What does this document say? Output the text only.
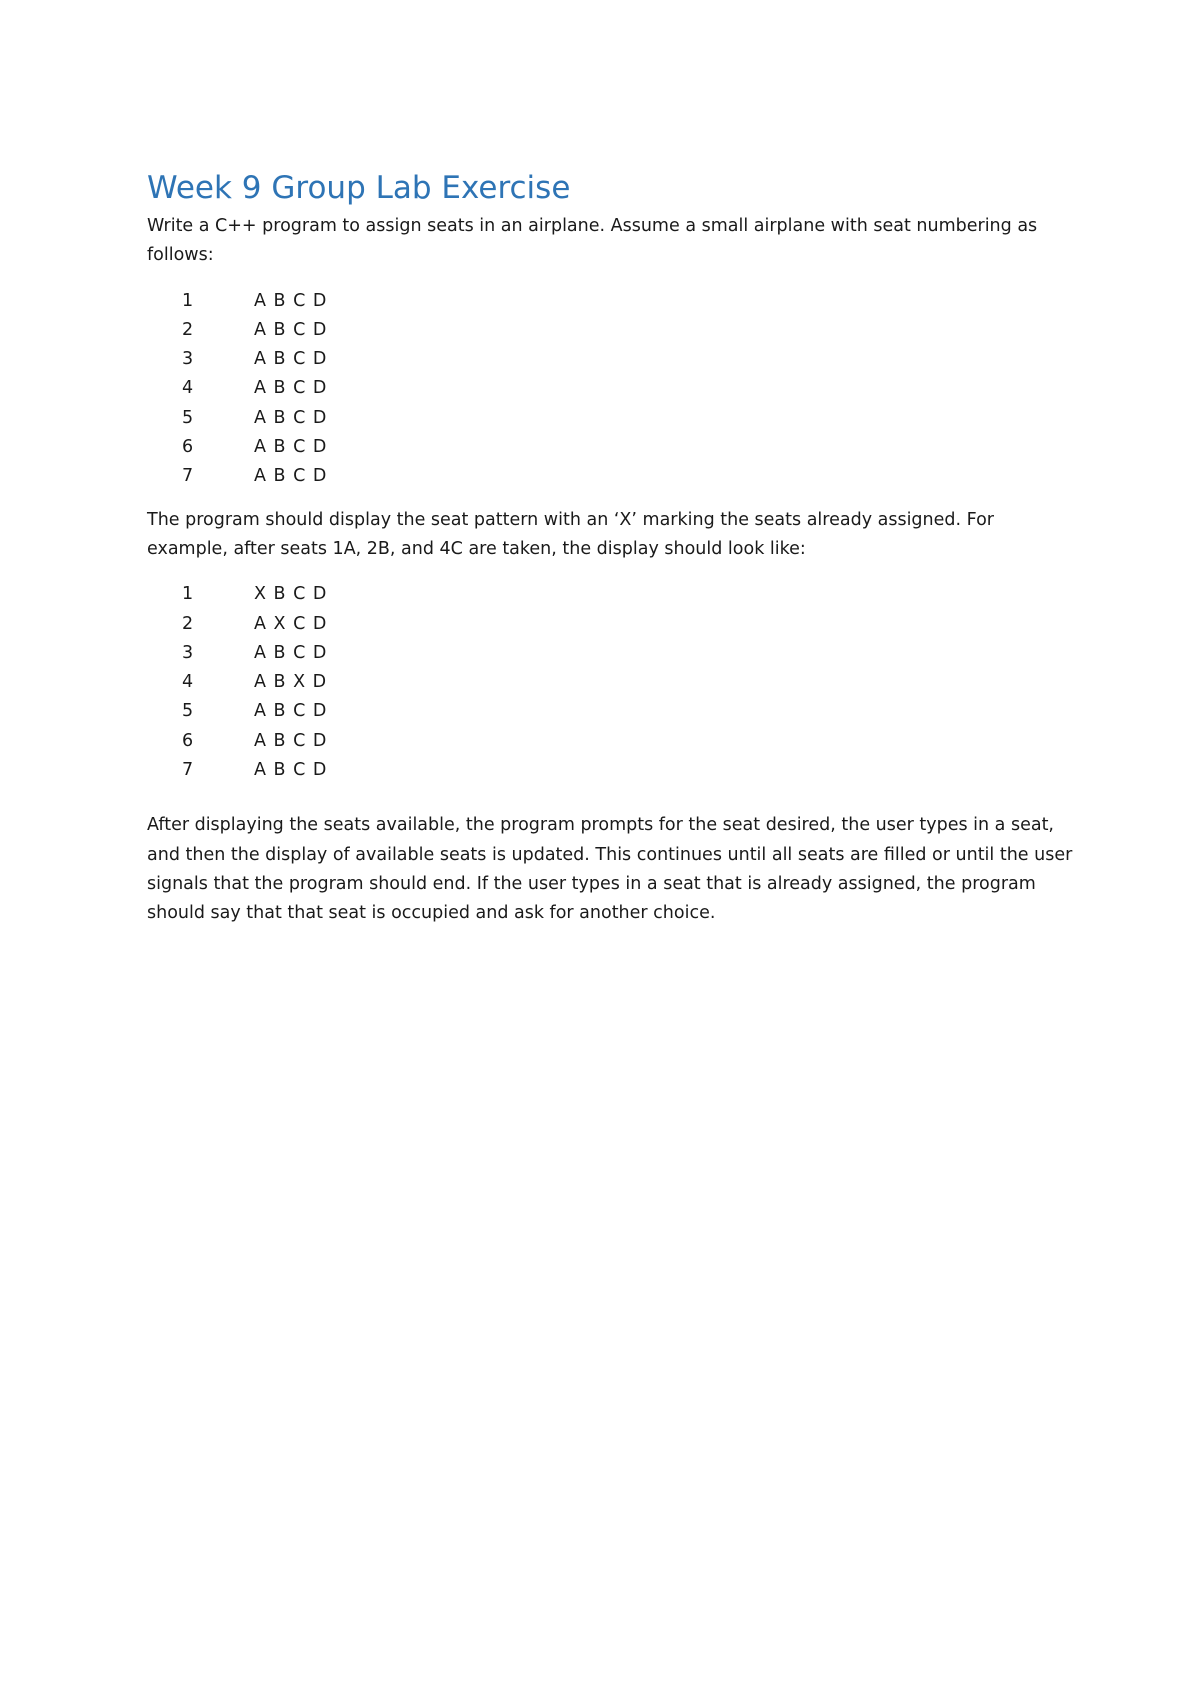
Week 9 Group Lab Exercise

Write a C++ program to assign seats in an airplane. Assume a small airplane with seat numbering as follows:

1	A B C D
2	A B C D
3	A B C D
4	A B C D
5	A B C D
6	A B C D
7	A B C D

The program should display the seat pattern with an ‘X’ marking the seats already assigned. For example, after seats 1A, 2B, and 4C are taken, the display should look like:

1	X B C D
2	A X C D
3	A B C D
4	A B X D
5	A B C D
6	A B C D
7	A B C D

After displaying the seats available, the program prompts for the seat desired, the user types in a seat, and then the display of available seats is updated. This continues until all seats are filled or until the user signals that the program should end. If the user types in a seat that is already assigned, the program should say that that seat is occupied and ask for another choice.
